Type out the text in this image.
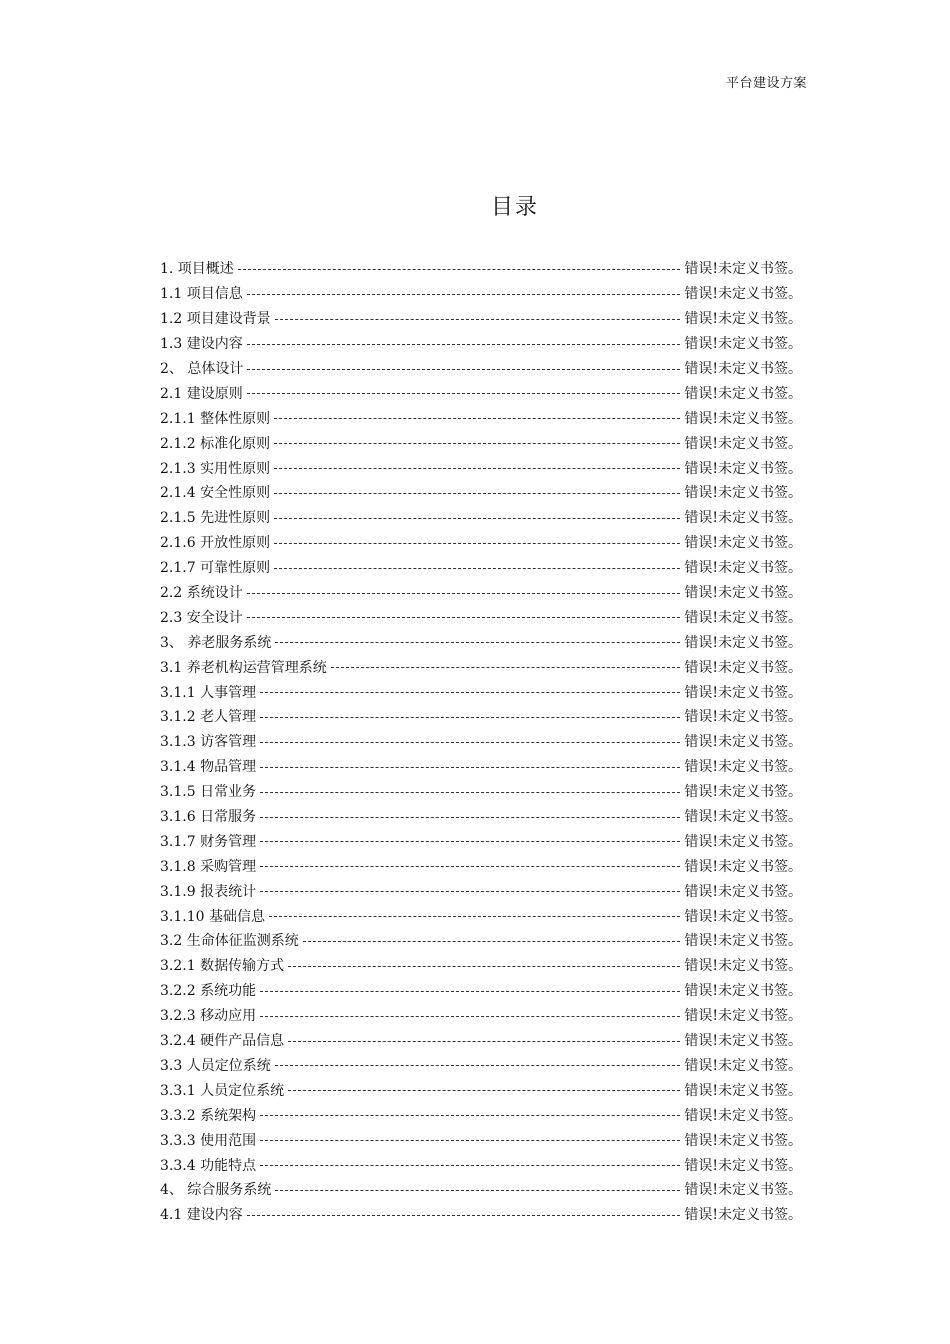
平台建设方案
目录
1. 项目概述	错误!未定义书签。
1.1 项目信息	错误!未定义书签。
1.2 项目建设背景	错误!未定义书签。
1.3 建设内容	错误!未定义书签。
2、 总体设计	错误!未定义书签。
2.1 建设原则	错误!未定义书签。
2.1.1 整体性原则	错误!未定义书签。
2.1.2 标准化原则	错误!未定义书签。
2.1.3 实用性原则	错误!未定义书签。
2.1.4 安全性原则	错误!未定义书签。
2.1.5 先进性原则	错误!未定义书签。
2.1.6 开放性原则	错误!未定义书签。
2.1.7 可靠性原则	错误!未定义书签。
2.2 系统设计	错误!未定义书签。
2.3 安全设计	错误!未定义书签。
3、 养老服务系统	错误!未定义书签。
3.1 养老机构运营管理系统	错误!未定义书签。
3.1.1 人事管理	错误!未定义书签。
3.1.2 老人管理	错误!未定义书签。
3.1.3 访客管理	错误!未定义书签。
3.1.4 物品管理	错误!未定义书签。
3.1.5 日常业务	错误!未定义书签。
3.1.6 日常服务	错误!未定义书签。
3.1.7 财务管理	错误!未定义书签。
3.1.8 采购管理	错误!未定义书签。
3.1.9 报表统计	错误!未定义书签。
3.1.10 基础信息	错误!未定义书签。
3.2 生命体征监测系统	错误!未定义书签。
3.2.1 数据传输方式	错误!未定义书签。
3.2.2 系统功能	错误!未定义书签。
3.2.3 移动应用	错误!未定义书签。
3.2.4 硬件产品信息	错误!未定义书签。
3.3 人员定位系统	错误!未定义书签。
3.3.1 人员定位系统	错误!未定义书签。
3.3.2 系统架构	错误!未定义书签。
3.3.3 使用范围	错误!未定义书签。
3.3.4 功能特点	错误!未定义书签。
4、 综合服务系统	错误!未定义书签。
4.1 建设内容	错误!未定义书签。
